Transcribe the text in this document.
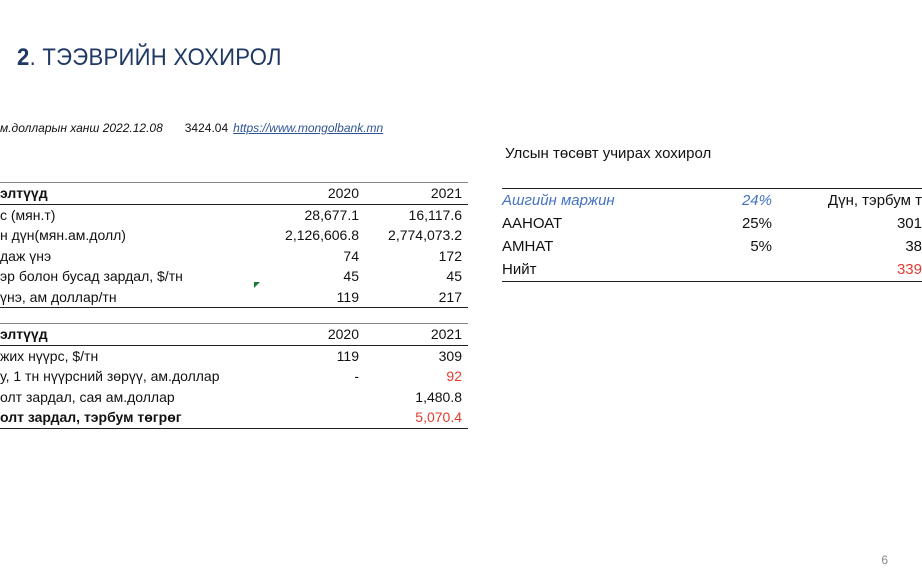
2. ТЭЭВРИЙН ХОХИРОЛ
м.долларын ханш 2022.12.08 3424.04 https://www.mongolbank.mn
элтүүд	2020	2021	
с (мян.т)	28,677.1	16,117.6	
н дүн(мян.ам.долл)	2,126,606.8	2,774,073.2	
даж үнэ	74	172	
эр болон бусад зардал, $/тн	45	45	
үнэ, ам доллар/тн	119	217	
элтүүд	2020	2021	
жих нүүрс, $/тн	119	309	
у, 1 тн нүүрсний зөрүү, ам.доллар	-	92	
олт зардал, сая ам.доллар		1,480.8	
олт зардал, тэрбум төгрөг		5,070.4	
Улсын төсөвт учирах хохирол
Ашгийн маржин	24%	Дүн, тэрбум т
ААНОАТ	25%	301
АМНАТ	5%	38
Нийт		339
6
